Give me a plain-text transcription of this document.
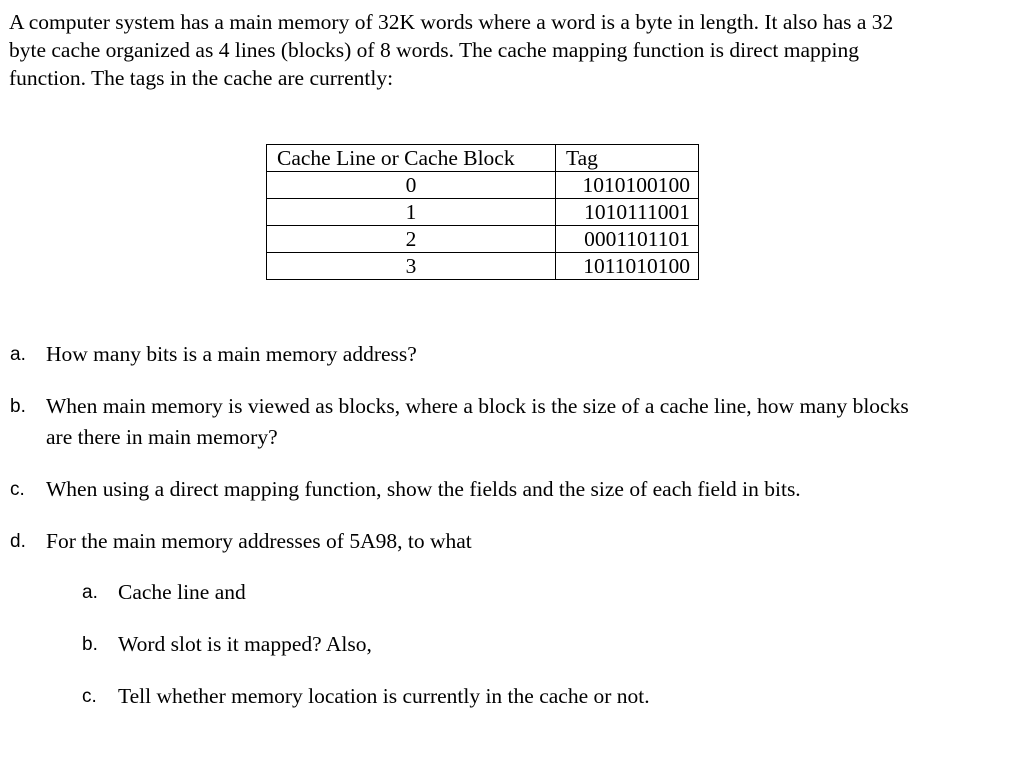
A computer system has a main memory of 32K words where a word is a byte in length. It also has a 32
byte cache organized as 4 lines (blocks) of 8 words. The cache mapping function is direct mapping
function. The tags in the cache are currently:

Cache Line or Cache Block	Tag
0	1010100100
1	1010111001
2	0001101101
3	1011010100
a. How many bits is a main memory address?
b. When main memory is viewed as blocks, where a block is the size of a cache line, how many blocks
are there in main memory?
c. When using a direct mapping function, show the fields and the size of each field in bits.
d. For the main memory addresses of 5A98, to what
a. Cache line and
b. Word slot is it mapped? Also,
c. Tell whether memory location is currently in the cache or not.
